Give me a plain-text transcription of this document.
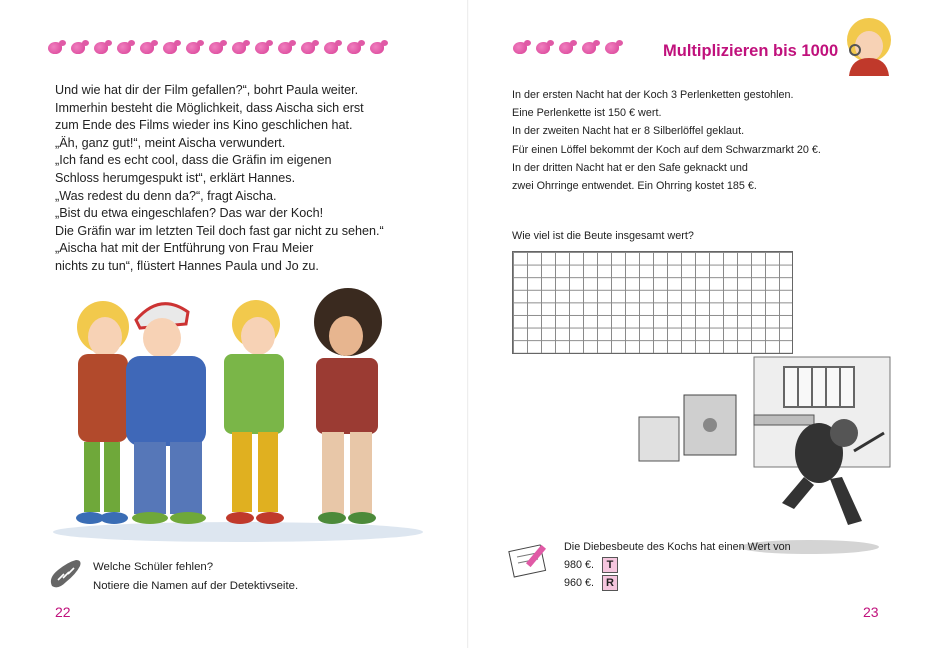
Und wie hat dir der Film gefallen?“, bohrt Paula weiter.

Immerhin besteht die Möglichkeit, dass Aischa sich erst

zum Ende des Films wieder ins Kino geschlichen hat.

„Äh, ganz gut!“, meint Aischa verwundert.

„Ich fand es echt cool, dass die Gräfin im eigenen

Schloss herumgespukt ist“, erklärt Hannes.

„Was redest du denn da?“, fragt Aischa.

„Bist du etwa eingeschlafen? Das war der Koch!

Die Gräfin war im letzten Teil doch fast gar nicht zu sehen.“

„Aischa hat mit der Entführung von Frau Meier

nichts zu tun“, flüstert Hannes Paula und Jo zu.

Welche Schüler fehlen?

Notiere die Namen auf der Detektivseite.

22
Multiplizieren bis 1000

In der ersten Nacht hat der Koch 3 Perlenketten gestohlen.

Eine Perlenkette ist 150 € wert.

In der zweiten Nacht hat er 8 Silberlöffel geklaut.

Für einen Löffel bekommt der Koch auf dem Schwarzmarkt 20 €.

In der dritten Nacht hat er den Safe geknackt und

zwei Ohrringe entwendet. Ein Ohrring kostet 185 €.

Wie viel ist die Beute insgesamt wert?
Die Diebesbeute des Kochs hat einen Wert von
980 €.	T
960 €.	R
23
